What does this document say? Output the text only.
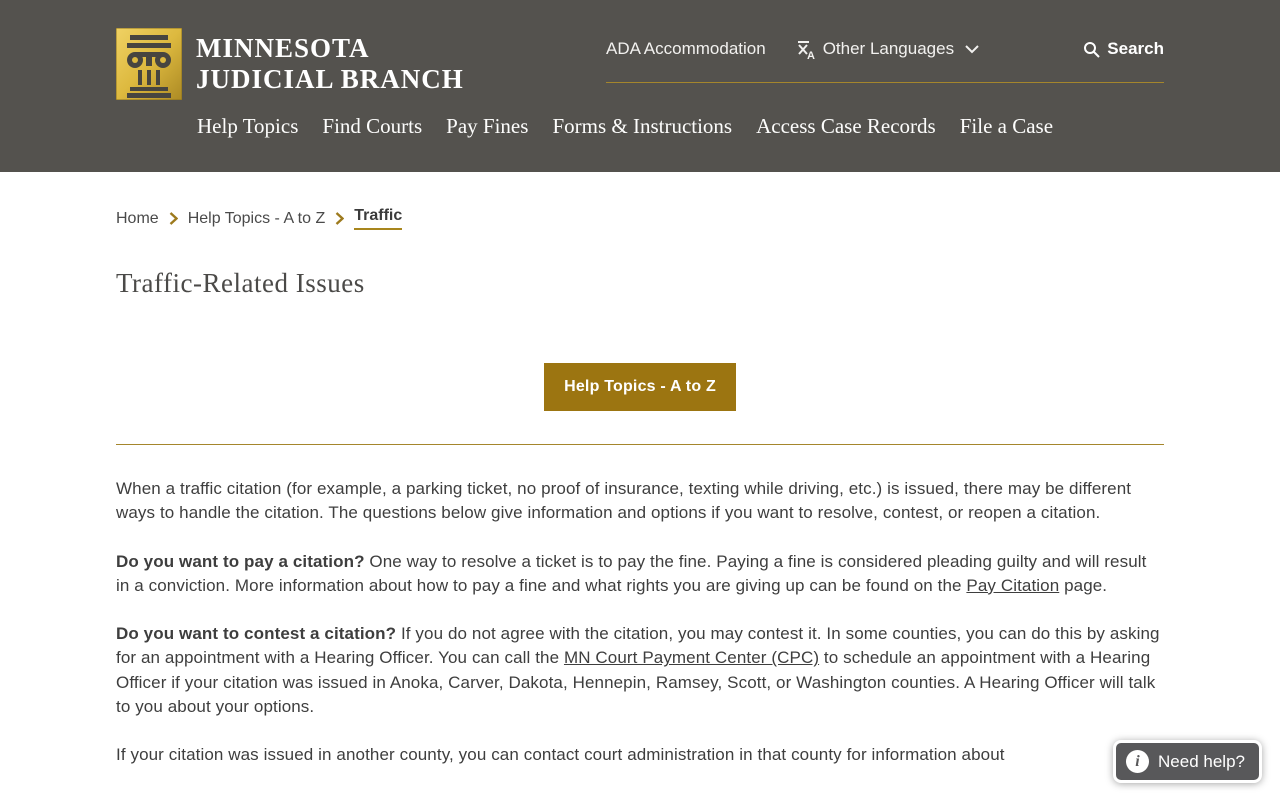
MINNESOTA
JUDICIAL BRANCH
ADA Accommodation	A Other Languages	Search
Help Topics Find Courts Pay Fines Forms & Instructions Access Case Records File a Case
Home Help Topics - A to Z Traffic
Traffic-Related Issues
Help Topics - A to Z

When a traffic citation (for example, a parking ticket, no proof of insurance, texting while driving, etc.) is issued, there may be different ways to handle the citation. The questions below give information and options if you want to resolve, contest, or reopen a citation.

Do you want to pay a citation? One way to resolve a ticket is to pay the fine. Paying a fine is considered pleading guilty and will result in a conviction. More information about how to pay a fine and what rights you are giving up can be found on the Pay Citation page.

Do you want to contest a citation? If you do not agree with the citation, you may contest it. In some counties, you can do this by asking for an appointment with a Hearing Officer. You can call the MN Court Payment Center (CPC) to schedule an appointment with a Hearing Officer if your citation was issued in Anoka, Carver, Dakota, Hennepin, Ramsey, Scott, or Washington counties. A Hearing Officer will talk to you about your options.

If your citation was issued in another county, you can contact court administration in that county for information about	i	Need help?
